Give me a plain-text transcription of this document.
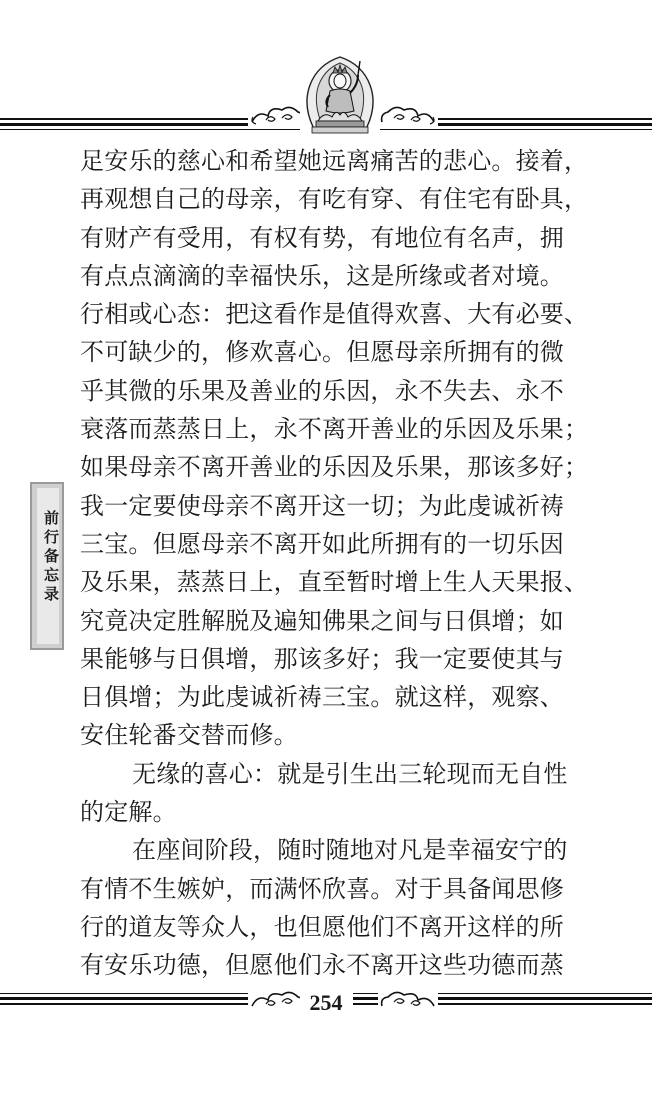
前行备忘录
足安乐的慈心和希望她远离痛苦的悲心。接着，
再观想自己的母亲，有吃有穿、有住宅有卧具，
有财产有受用，有权有势，有地位有名声，拥
有点点滴滴的幸福快乐，这是所缘或者对境。
行相或心态：把这看作是值得欢喜、大有必要、
不可缺少的，修欢喜心。但愿母亲所拥有的微
乎其微的乐果及善业的乐因，永不失去、永不
衰落而蒸蒸日上，永不离开善业的乐因及乐果；
如果母亲不离开善业的乐因及乐果，那该多好；
我一定要使母亲不离开这一切；为此虔诚祈祷
三宝。但愿母亲不离开如此所拥有的一切乐因
及乐果，蒸蒸日上，直至暂时增上生人天果报、
究竟决定胜解脱及遍知佛果之间与日俱增；如
果能够与日俱增，那该多好；我一定要使其与
日俱增；为此虔诚祈祷三宝。就这样，观察、
安住轮番交替而修。
无缘的喜心：就是引生出三轮现而无自性
的定解。
在座间阶段，随时随地对凡是幸福安宁的
有情不生嫉妒，而满怀欣喜。对于具备闻思修
行的道友等众人，也但愿他们不离开这样的所
有安乐功德，但愿他们永不离开这些功德而蒸
254
